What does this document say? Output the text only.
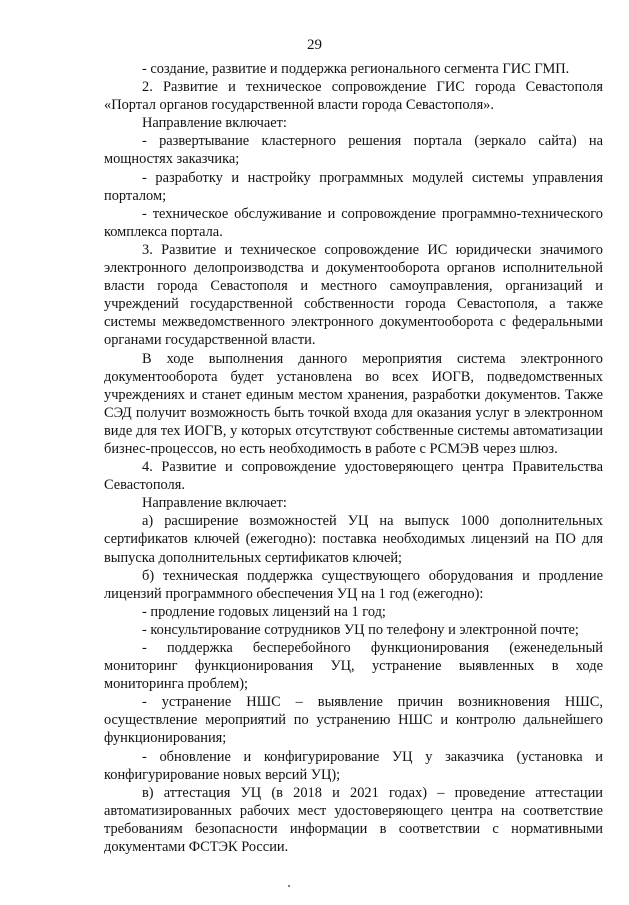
29

- создание, развитие и поддержка регионального сегмента ГИС ГМП.

2. Развитие и техническое сопровождение ГИС города Севастополя «Портал органов государственной власти города Севастополя».

Направление включает:

- развертывание кластерного решения портала (зеркало сайта) на мощностях заказчика;

- разработку и настройку программных модулей системы управления порталом;

- техническое обслуживание и сопровождение программно-технического комплекса портала.

3. Развитие и техническое сопровождение ИС юридически значимого электронного делопроизводства и документооборота органов исполнительной власти города Севастополя и местного самоуправления, организаций и учреждений государственной собственности города Севастополя, а также системы межведомственного электронного документооборота с федеральными органами государственной власти.

В ходе выполнения данного мероприятия система электронного документооборота будет установлена во всех ИОГВ, подведомственных учреждениях и станет единым местом хранения, разработки документов. Также СЭД получит возможность быть точкой входа для оказания услуг в электронном виде для тех ИОГВ, у которых отсутствуют собственные системы автоматизации бизнес-процессов, но есть необходимость в работе с РСМЭВ через шлюз.

4. Развитие и сопровождение удостоверяющего центра Правительства Севастополя.

Направление включает:

а) расширение возможностей УЦ на выпуск 1000 дополнительных сертификатов ключей (ежегодно): поставка необходимых лицензий на ПО для выпуска дополнительных сертификатов ключей;

б) техническая поддержка существующего оборудования и продление лицензий программного обеспечения УЦ на 1 год (ежегодно):

- продление годовых лицензий на 1 год;

- консультирование сотрудников УЦ по телефону и электронной почте;

- поддержка бесперебойного функционирования (еженедельный мониторинг функционирования УЦ, устранение выявленных в ходе мониторинга проблем);

- устранение НШС – выявление причин возникновения НШС, осуществление мероприятий по устранению НШС и контролю дальнейшего функционирования;

- обновление и конфигурирование УЦ у заказчика (установка и конфигурирование новых версий УЦ);

в) аттестация УЦ (в 2018 и 2021 годах) – проведение аттестации автоматизированных рабочих мест удостоверяющего центра на соответствие требованиям безопасности информации в соответствии с нормативными документами ФСТЭК России.
